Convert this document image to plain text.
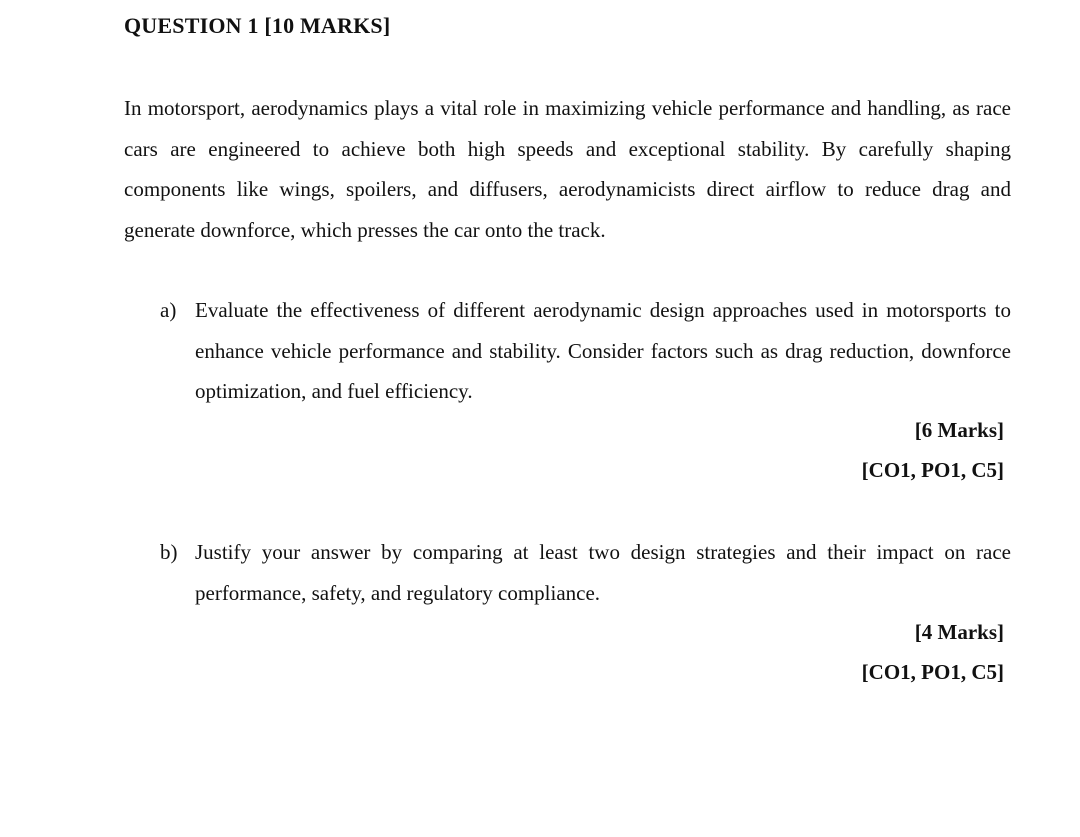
QUESTION 1 [10 MARKS]

In motorsport, aerodynamics plays a vital role in maximizing vehicle performance and handling, as race cars are engineered to achieve both high speeds and exceptional stability. By carefully shaping components like wings, spoilers, and diffusers, aerodynamicists direct airflow to reduce drag and generate downforce, which presses the car onto the track.

a) Evaluate the effectiveness of different aerodynamic design approaches used in motorsports to enhance vehicle performance and stability. Consider factors such as drag reduction, downforce optimization, and fuel efficiency.

[6 Marks]
[CO1, PO1, C5]
b) Justify your answer by comparing at least two design strategies and their impact on race performance, safety, and regulatory compliance.

[4 Marks]
[CO1, PO1, C5]
